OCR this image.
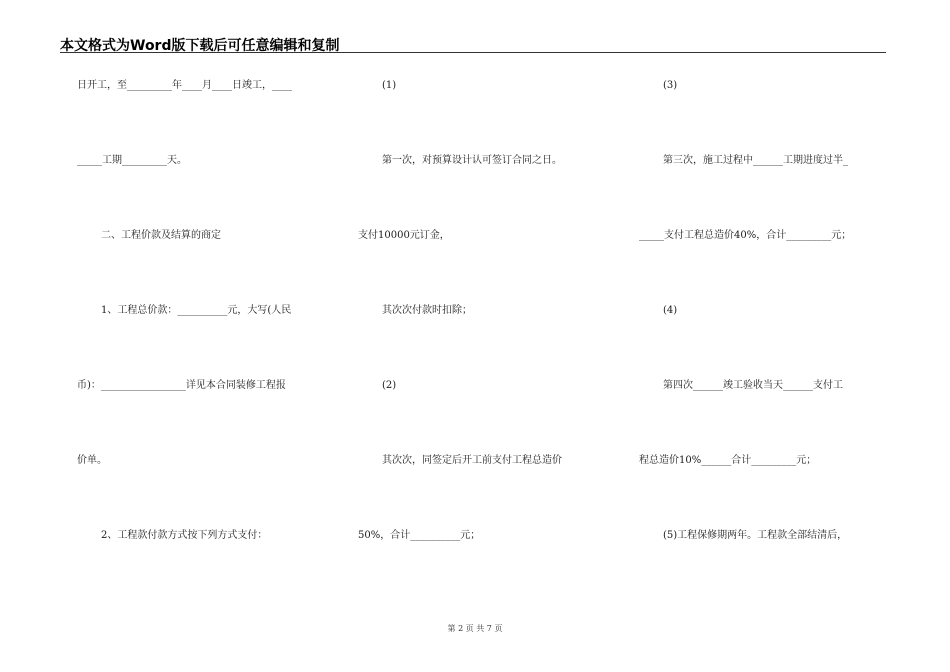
本文格式为Word版下载后可任意编辑和复制
日开工，至_________年____月____日竣工，____
_____工期_________天。
二、工程价款及结算的商定
1、工程总价款：__________元，大写(人民
币)：_________________详见本合同装修工程报
价单。
2、工程款付款方式按下列方式支付：
(1)
第一次，对预算设计认可签订合同之日。
支付10000元订金，
其次次付款时扣除；
(2)
其次次，同签定后开工前支付工程总造价
50%，合计__________元；
(3)
第三次，施工过程中______工期进度过半_
_____支付工程总造价40%，合计_________元；
(4)
第四次______竣工验收当天______支付工
程总造价10%______合计_________元；
(5)工程保修期两年。工程款全部结清后，
第 2 页 共 7 页
